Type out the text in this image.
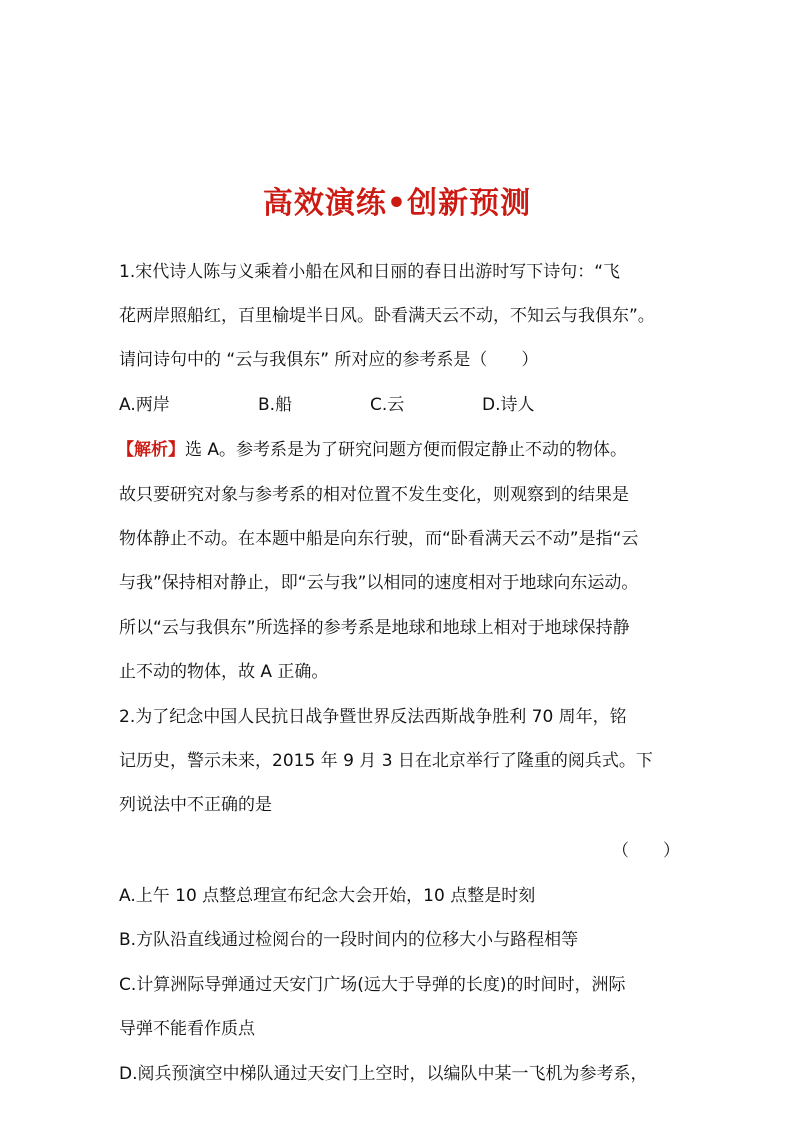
高效演练•创新预测
1.宋代诗人陈与义乘着小船在风和日丽的春日出游时写下诗句：“飞
花两岸照船红，百里榆堤半日风。卧看满天云不动，不知云与我俱东”。
请问诗句中的 “云与我俱东” 所对应的参考系是（　　）
A.两岸	B.船	C.云	D.诗人
【解析】选 A。参考系是为了研究问题方便而假定静止不动的物体。
故只要研究对象与参考系的相对位置不发生变化，则观察到的结果是
物体静止不动。在本题中船是向东行驶，而“卧看满天云不动”是指“云
与我”保持相对静止，即“云与我”以相同的速度相对于地球向东运动。
所以“云与我俱东”所选择的参考系是地球和地球上相对于地球保持静
止不动的物体，故 A 正确。
2.为了纪念中国人民抗日战争暨世界反法西斯战争胜利 70 周年，铭
记历史，警示未来，2015 年 9 月 3 日在北京举行了隆重的阅兵式。下
列说法中不正确的是
（　　）
A.上午 10 点整总理宣布纪念大会开始，10 点整是时刻
B.方队沿直线通过检阅台的一段时间内的位移大小与路程相等
C.计算洲际导弹通过天安门广场(远大于导弹的长度)的时间时，洲际
导弹不能看作质点
D.阅兵预演空中梯队通过天安门上空时，以编队中某一飞机为参考系，
